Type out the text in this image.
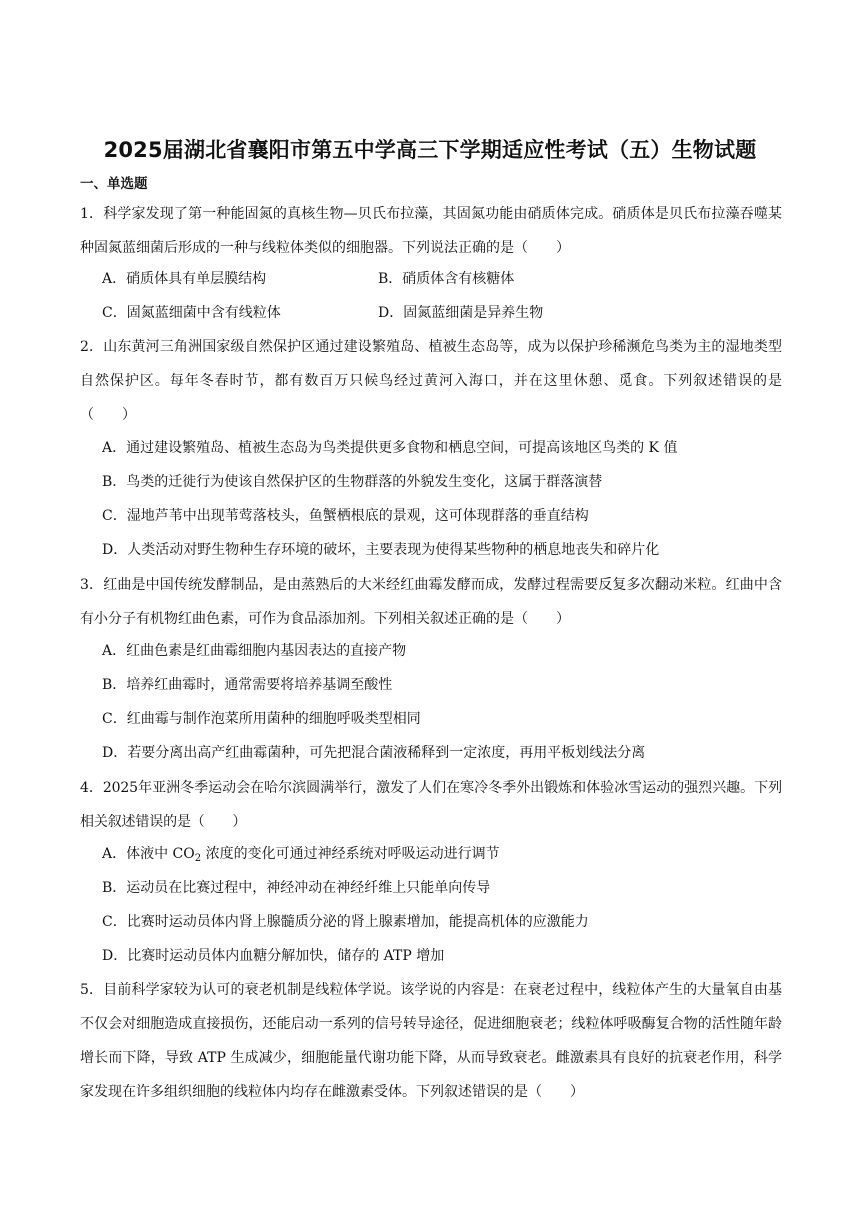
2025届湖北省襄阳市第五中学高三下学期适应性考试（五）生物试题
一、单选题
1．科学家发现了第一种能固氮的真核生物—贝氏布拉藻，其固氮功能由硝质体完成。硝质体是贝氏布拉藻吞噬某种固氮蓝细菌后形成的一种与线粒体类似的细胞器。下列说法正确的是（　　）
A．硝质体具有单层膜结构	B．硝质体含有核糖体
C．固氮蓝细菌中含有线粒体	D．固氮蓝细菌是异养生物
2．山东黄河三角洲国家级自然保护区通过建设繁殖岛、植被生态岛等，成为以保护珍稀濒危鸟类为主的湿地类型自然保护区。每年冬春时节，都有数百万只候鸟经过黄河入海口，并在这里休憩、觅食。下列叙述错误的是（　　）
A．通过建设繁殖岛、植被生态岛为鸟类提供更多食物和栖息空间，可提高该地区鸟类的 K 值
B．鸟类的迁徙行为使该自然保护区的生物群落的外貌发生变化，这属于群落演替
C．湿地芦苇中出现苇莺落枝头，鱼蟹栖根底的景观，这可体现群落的垂直结构
D．人类活动对野生物种生存环境的破坏，主要表现为使得某些物种的栖息地丧失和碎片化
3．红曲是中国传统发酵制品，是由蒸熟后的大米经红曲霉发酵而成，发酵过程需要反复多次翻动米粒。红曲中含有小分子有机物红曲色素，可作为食品添加剂。下列相关叙述正确的是（　　）
A．红曲色素是红曲霉细胞内基因表达的直接产物
B．培养红曲霉时，通常需要将培养基调至酸性
C．红曲霉与制作泡菜所用菌种的细胞呼吸类型相同
D．若要分离出高产红曲霉菌种，可先把混合菌液稀释到一定浓度，再用平板划线法分离
4．2025年亚洲冬季运动会在哈尔滨圆满举行，激发了人们在寒冷冬季外出锻炼和体验冰雪运动的强烈兴趣。下列相关叙述错误的是（　　）
A．体液中 $CO_2$ 浓度的变化可通过神经系统对呼吸运动进行调节
B．运动员在比赛过程中，神经冲动在神经纤维上只能单向传导
C．比赛时运动员体内肾上腺髓质分泌的肾上腺素增加，能提高机体的应激能力
D．比赛时运动员体内血糖分解加快，储存的 ATP 增加
5．目前科学家较为认可的衰老机制是线粒体学说。该学说的内容是：在衰老过程中，线粒体产生的大量氧自由基不仅会对细胞造成直接损伤，还能启动一系列的信号转导途径，促进细胞衰老；线粒体呼吸酶复合物的活性随年龄增长而下降，导致 ATP 生成减少，细胞能量代谢功能下降，从而导致衰老。雌激素具有良好的抗衰老作用，科学家发现在许多组织细胞的线粒体内均存在雌激素受体。下列叙述错误的是（　　）
